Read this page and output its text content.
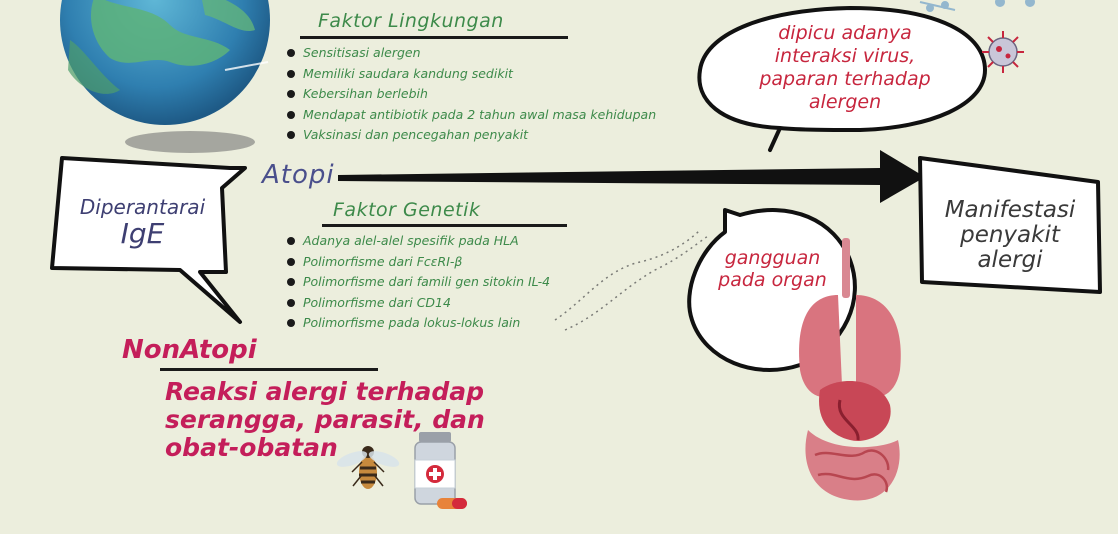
Faktor Lingkungan
Sensitisasi alergen
Memiliki saudara kandung sedikit
Kebersihan berlebih
Mendapat antibiotik pada 2 tahun awal masa kehidupan
Vaksinasi dan pencegahan penyakit
Atopi
Faktor Genetik
Adanya alel-alel spesifik pada HLA
Polimorfisme dari FcεRI-β
Polimorfisme dari famili gen sitokin IL-4
Polimorfisme dari CD14
Polimorfisme pada lokus-lokus lain
Diperantarai
IgE
NonAtopi
Reaksi alergi terhadap
serangga, parasit, dan
obat-obatan
dipicu adanya
interaksi virus,
paparan terhadap
alergen
gangguan
pada organ
Manifestasi
penyakit
alergi
